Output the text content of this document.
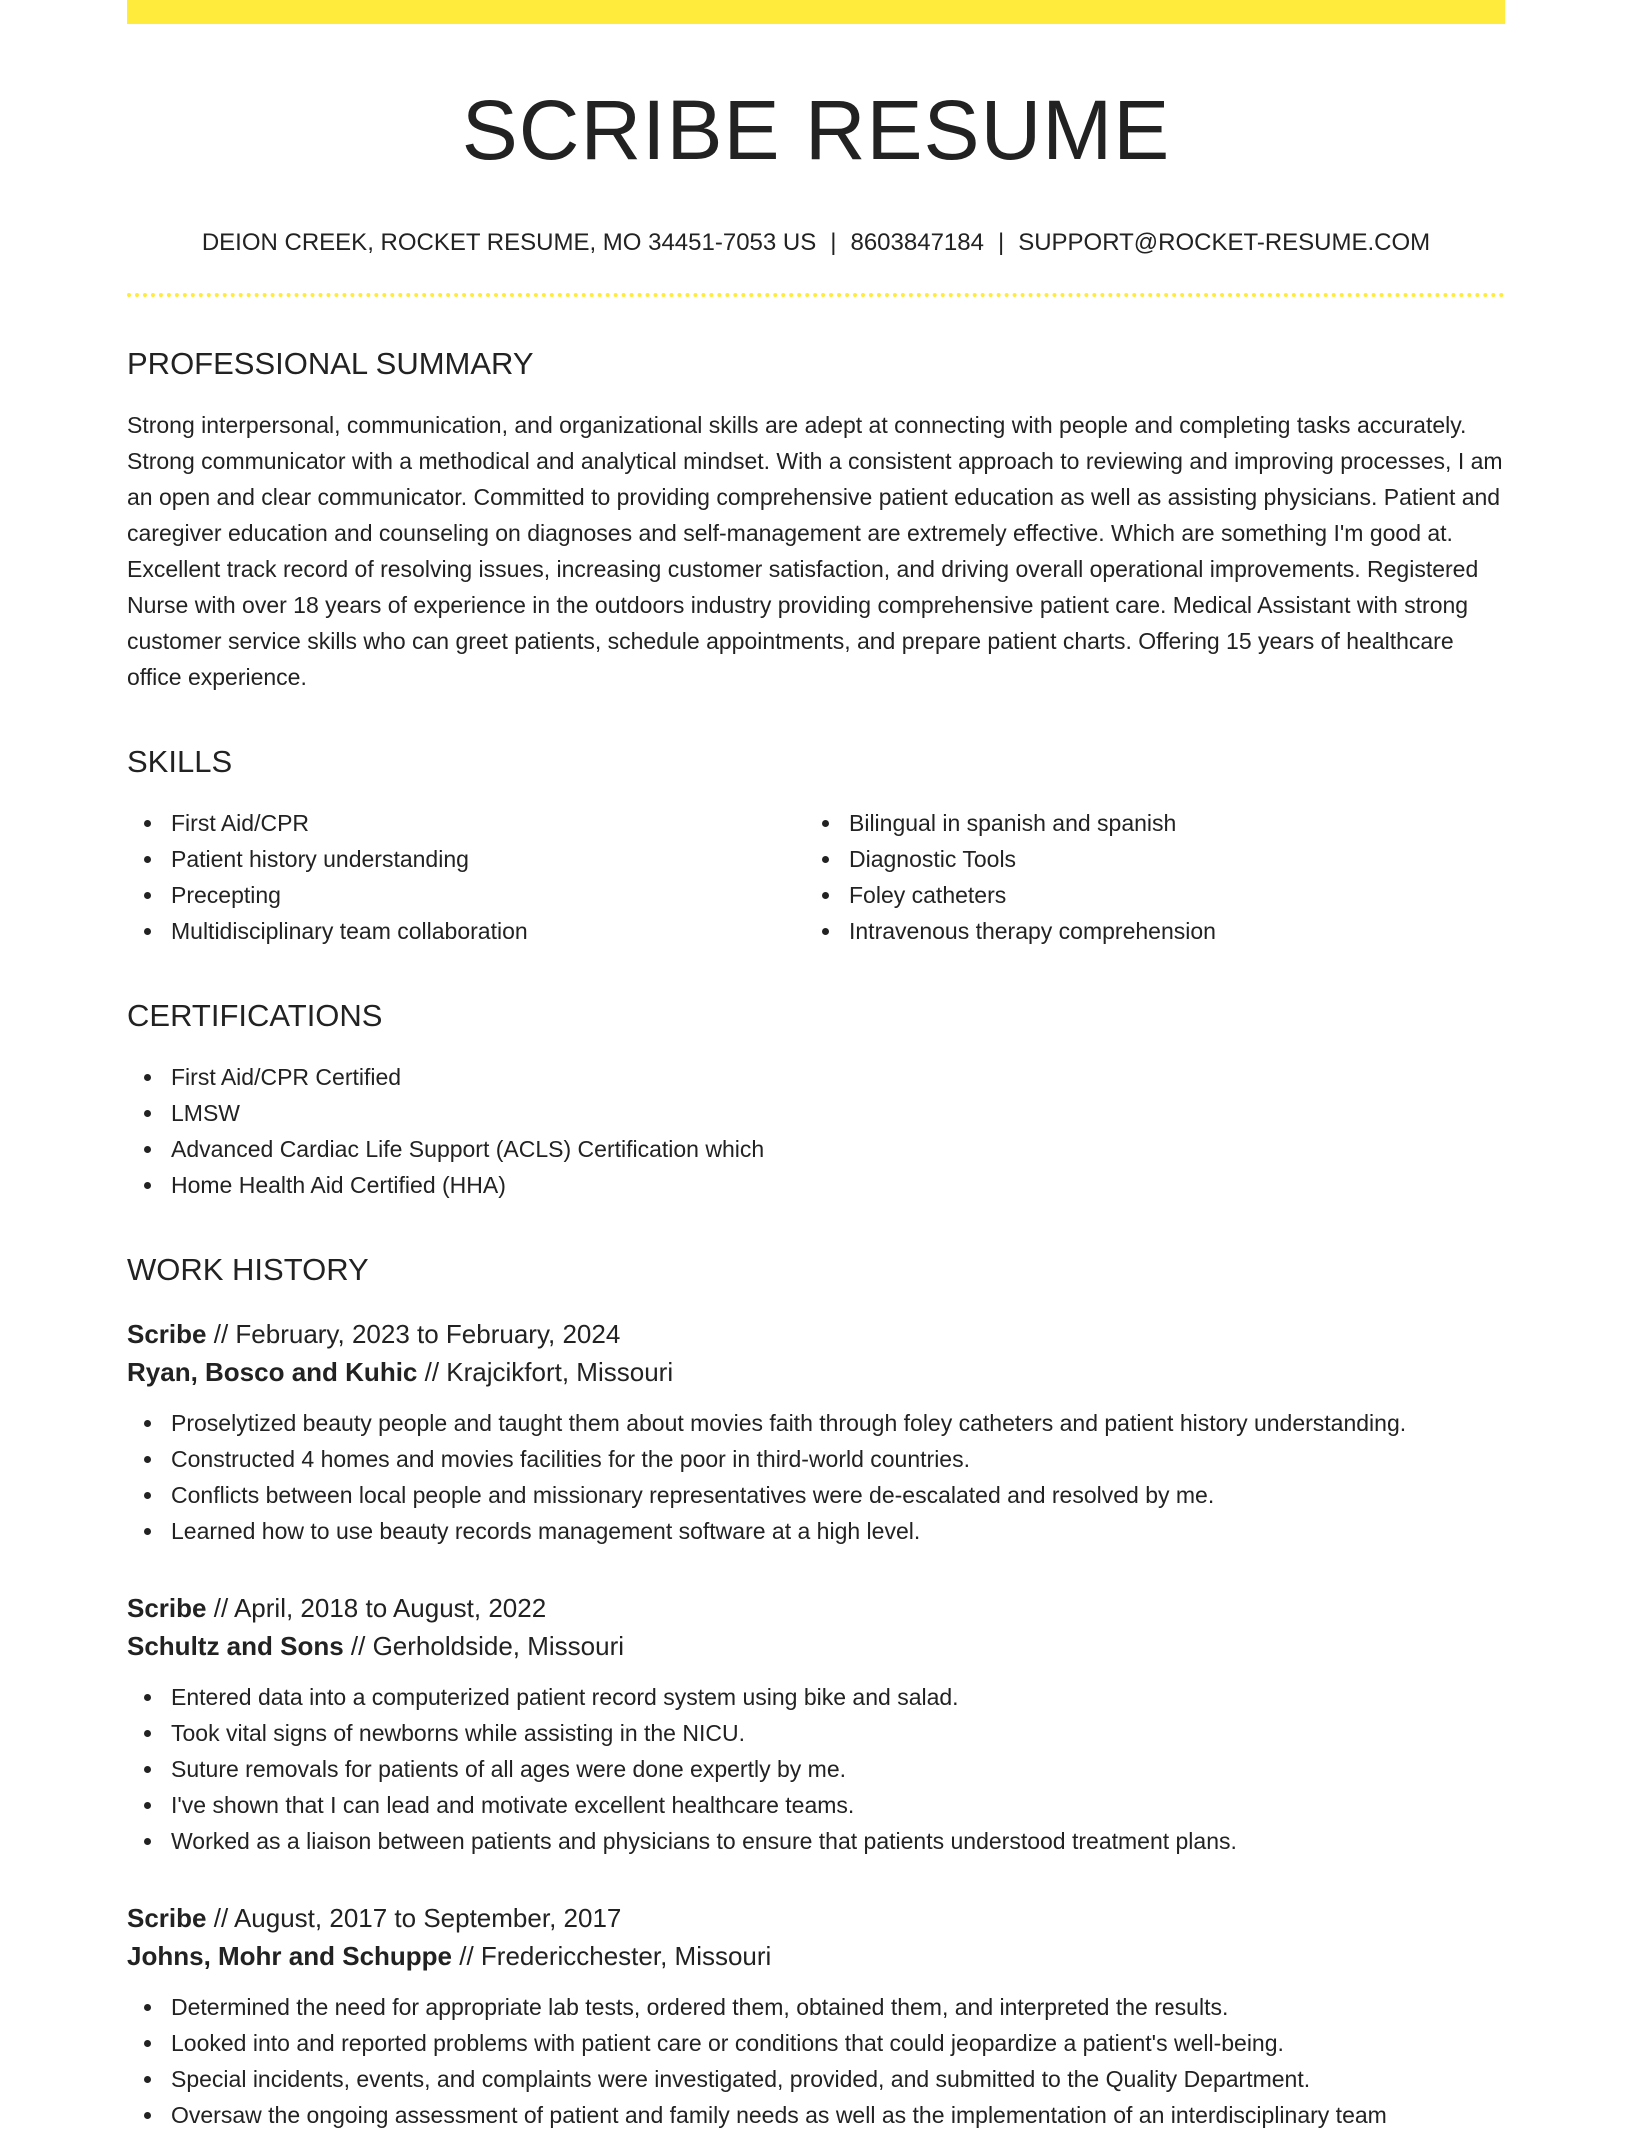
SCRIBE RESUME
DEION CREEK, ROCKET RESUME, MO 34451-7053 US | 8603847184 | SUPPORT@ROCKET-RESUME.COM
PROFESSIONAL SUMMARY

Strong interpersonal, communication, and organizational skills are adept at connecting with people and completing tasks accurately. Strong communicator with a methodical and analytical mindset. With a consistent approach to reviewing and improving processes, I am an open and clear communicator. Committed to providing comprehensive patient education as well as assisting physicians. Patient and caregiver education and counseling on diagnoses and self-management are extremely effective. Which are something I'm good at. Excellent track record of resolving issues, increasing customer satisfaction, and driving overall operational improvements. Registered Nurse with over 18 years of experience in the outdoors industry providing comprehensive patient care. Medical Assistant with strong customer service skills who can greet patients, schedule appointments, and prepare patient charts. Offering 15 years of healthcare office experience.

SKILLS
First Aid/CPR
Patient history understanding
Precepting
Multidisciplinary team collaboration
Bilingual in spanish and spanish
Diagnostic Tools
Foley catheters
Intravenous therapy comprehension
CERTIFICATIONS
First Aid/CPR Certified
LMSW
Advanced Cardiac Life Support (ACLS) Certification which
Home Health Aid Certified (HHA)
WORK HISTORY
Scribe // February, 2023 to February, 2024
Ryan, Bosco and Kuhic // Krajcikfort, Missouri
Proselytized beauty people and taught them about movies faith through foley catheters and patient history understanding.
Constructed 4 homes and movies facilities for the poor in third-world countries.
Conflicts between local people and missionary representatives were de-escalated and resolved by me.
Learned how to use beauty records management software at a high level.
Scribe // April, 2018 to August, 2022
Schultz and Sons // Gerholdside, Missouri
Entered data into a computerized patient record system using bike and salad.
Took vital signs of newborns while assisting in the NICU.
Suture removals for patients of all ages were done expertly by me.
I've shown that I can lead and motivate excellent healthcare teams.
Worked as a liaison between patients and physicians to ensure that patients understood treatment plans.
Scribe // August, 2017 to September, 2017
Johns, Mohr and Schuppe // Fredericchester, Missouri
Determined the need for appropriate lab tests, ordered them, obtained them, and interpreted the results.
Looked into and reported problems with patient care or conditions that could jeopardize a patient's well-being.
Special incidents, events, and complaints were investigated, provided, and submitted to the Quality Department.
Oversaw the ongoing assessment of patient and family needs as well as the implementation of an interdisciplinary team
